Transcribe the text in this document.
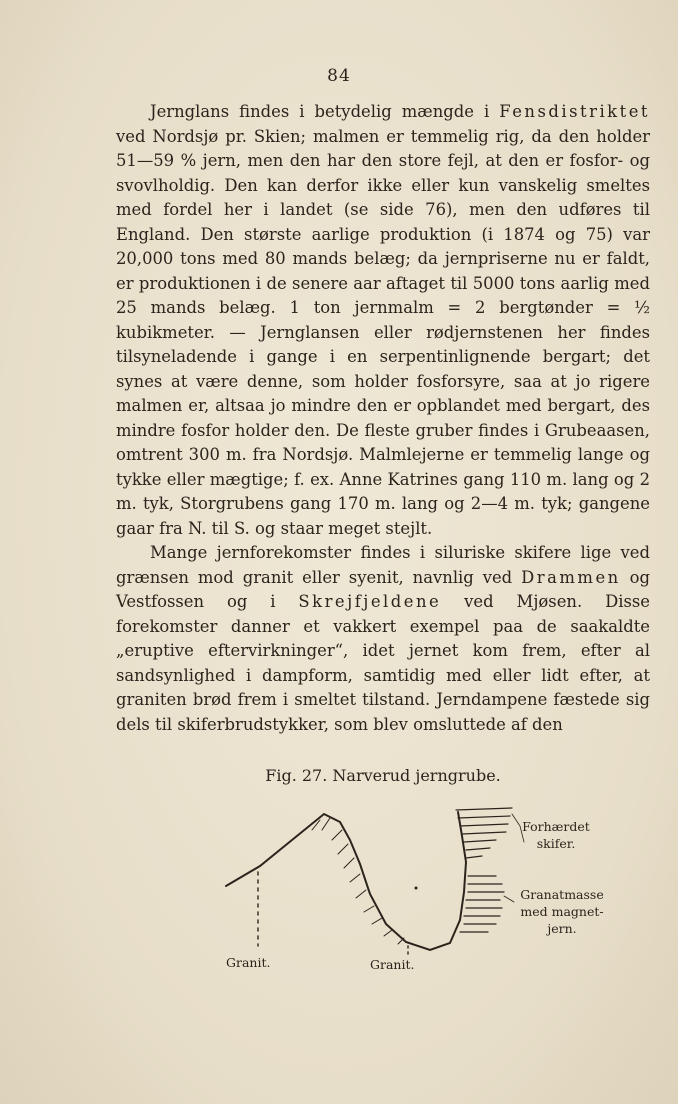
84

Jernglans findes i betydelig mængde i Fensdistriktet ved Nordsjø pr. Skien; malmen er temmelig rig, da den holder 51—59 % jern, men den har den store fejl, at den er fosfor- og svovlholdig. Den kan derfor ikke eller kun vanskelig smeltes med fordel her i landet (se side 76), men den udføres til England. Den største aarlige produktion (i 1874 og 75) var 20,000 tons med 80 mands belæg; da jernpriserne nu er faldt, er produktionen i de senere aar aftaget til 5000 tons aarlig med 25 mands belæg. 1 ton jernmalm = 2 bergtønder = ½ kubikmeter. — Jernglansen eller rødjernstenen her findes tilsyneladende i gange i en serpentinlignende bergart; det synes at være denne, som holder fosforsyre, saa at jo rigere malmen er, altsaa jo mindre den er opblandet med bergart, des mindre fosfor holder den. De fleste gruber findes i Grubeaasen, omtrent 300 m. fra Nordsjø. Malmlejerne er temmelig lange og tykke eller mægtige; f. ex. Anne Katrines gang 110 m. lang og 2 m. tyk, Storgrubens gang 170 m. lang og 2—4 m. tyk; gangene gaar fra N. til S. og staar meget stejlt.

Mange jernforekomster findes i siluriske skifere lige ved grænsen mod granit eller syenit, navnlig ved Drammen og Vestfossen og i Skrejfjeldene ved Mjøsen. Disse forekomster danner et vakkert exempel paa de saakaldte „eruptive eftervirkninger“, idet jernet kom frem, efter al sandsynlighed i dampform, samtidig med eller lidt efter, at graniten brød frem i smeltet tilstand. Jerndampene fæstede sig dels til skiferbrudstykker, som blev omsluttede af den

Fig. 27. Narverud jerngrube.
Granit.	Granit.
Forhærdet
skifer.
Granatmasse
med magnet-
jern.
